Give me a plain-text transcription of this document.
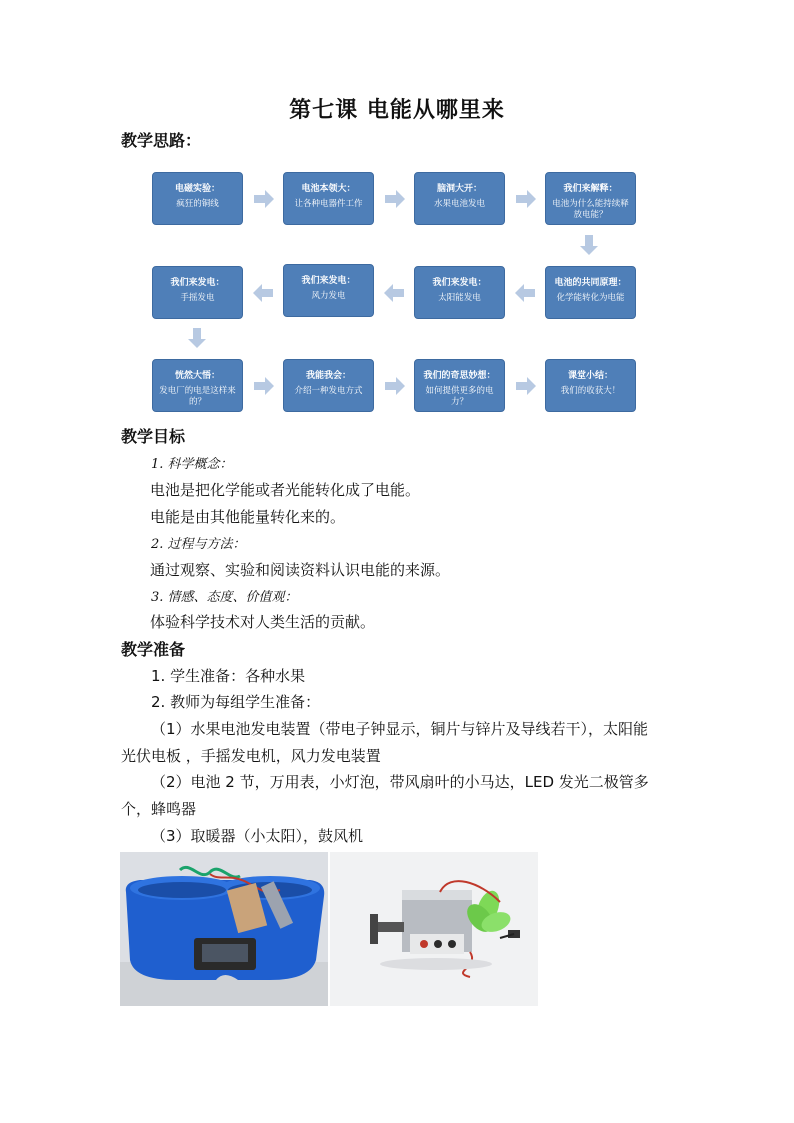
第七课 电能从哪里来
教学思路：
电磁实验：
疯狂的铜线
电池本领大：
让各种电器件工作
脑洞大开：
水果电池发电
我们来解释：
电池为什么能持续释放电能？
电池的共同原理：
化学能转化为电能
我们来发电：
太阳能发电
我们来发电：
风力发电
我们来发电：
手摇发电
恍然大悟：
发电厂的电是这样来的？
我能我会：
介绍一种发电方式
我们的奇思妙想：
如何提供更多的电力？
课堂小结：
我们的收获大！
教学目标
1. 科学概念：
电池是把化学能或者光能转化成了电能。
电能是由其他能量转化来的。
2. 过程与方法：
通过观察、实验和阅读资料认识电能的来源。
3. 情感、态度、价值观：
体验科学技术对人类生活的贡献。
教学准备
1. 学生准备：各种水果
2. 教师为每组学生准备：
（1）水果电池发电装置（带电子钟显示，铜片与锌片及导线若干），太阳能
光伏电板 ，手摇发电机，风力发电装置
（2）电池 2 节，万用表，小灯泡，带风扇叶的小马达，LED 发光二极管多
个，蜂鸣器
（3）取暖器（小太阳），鼓风机
